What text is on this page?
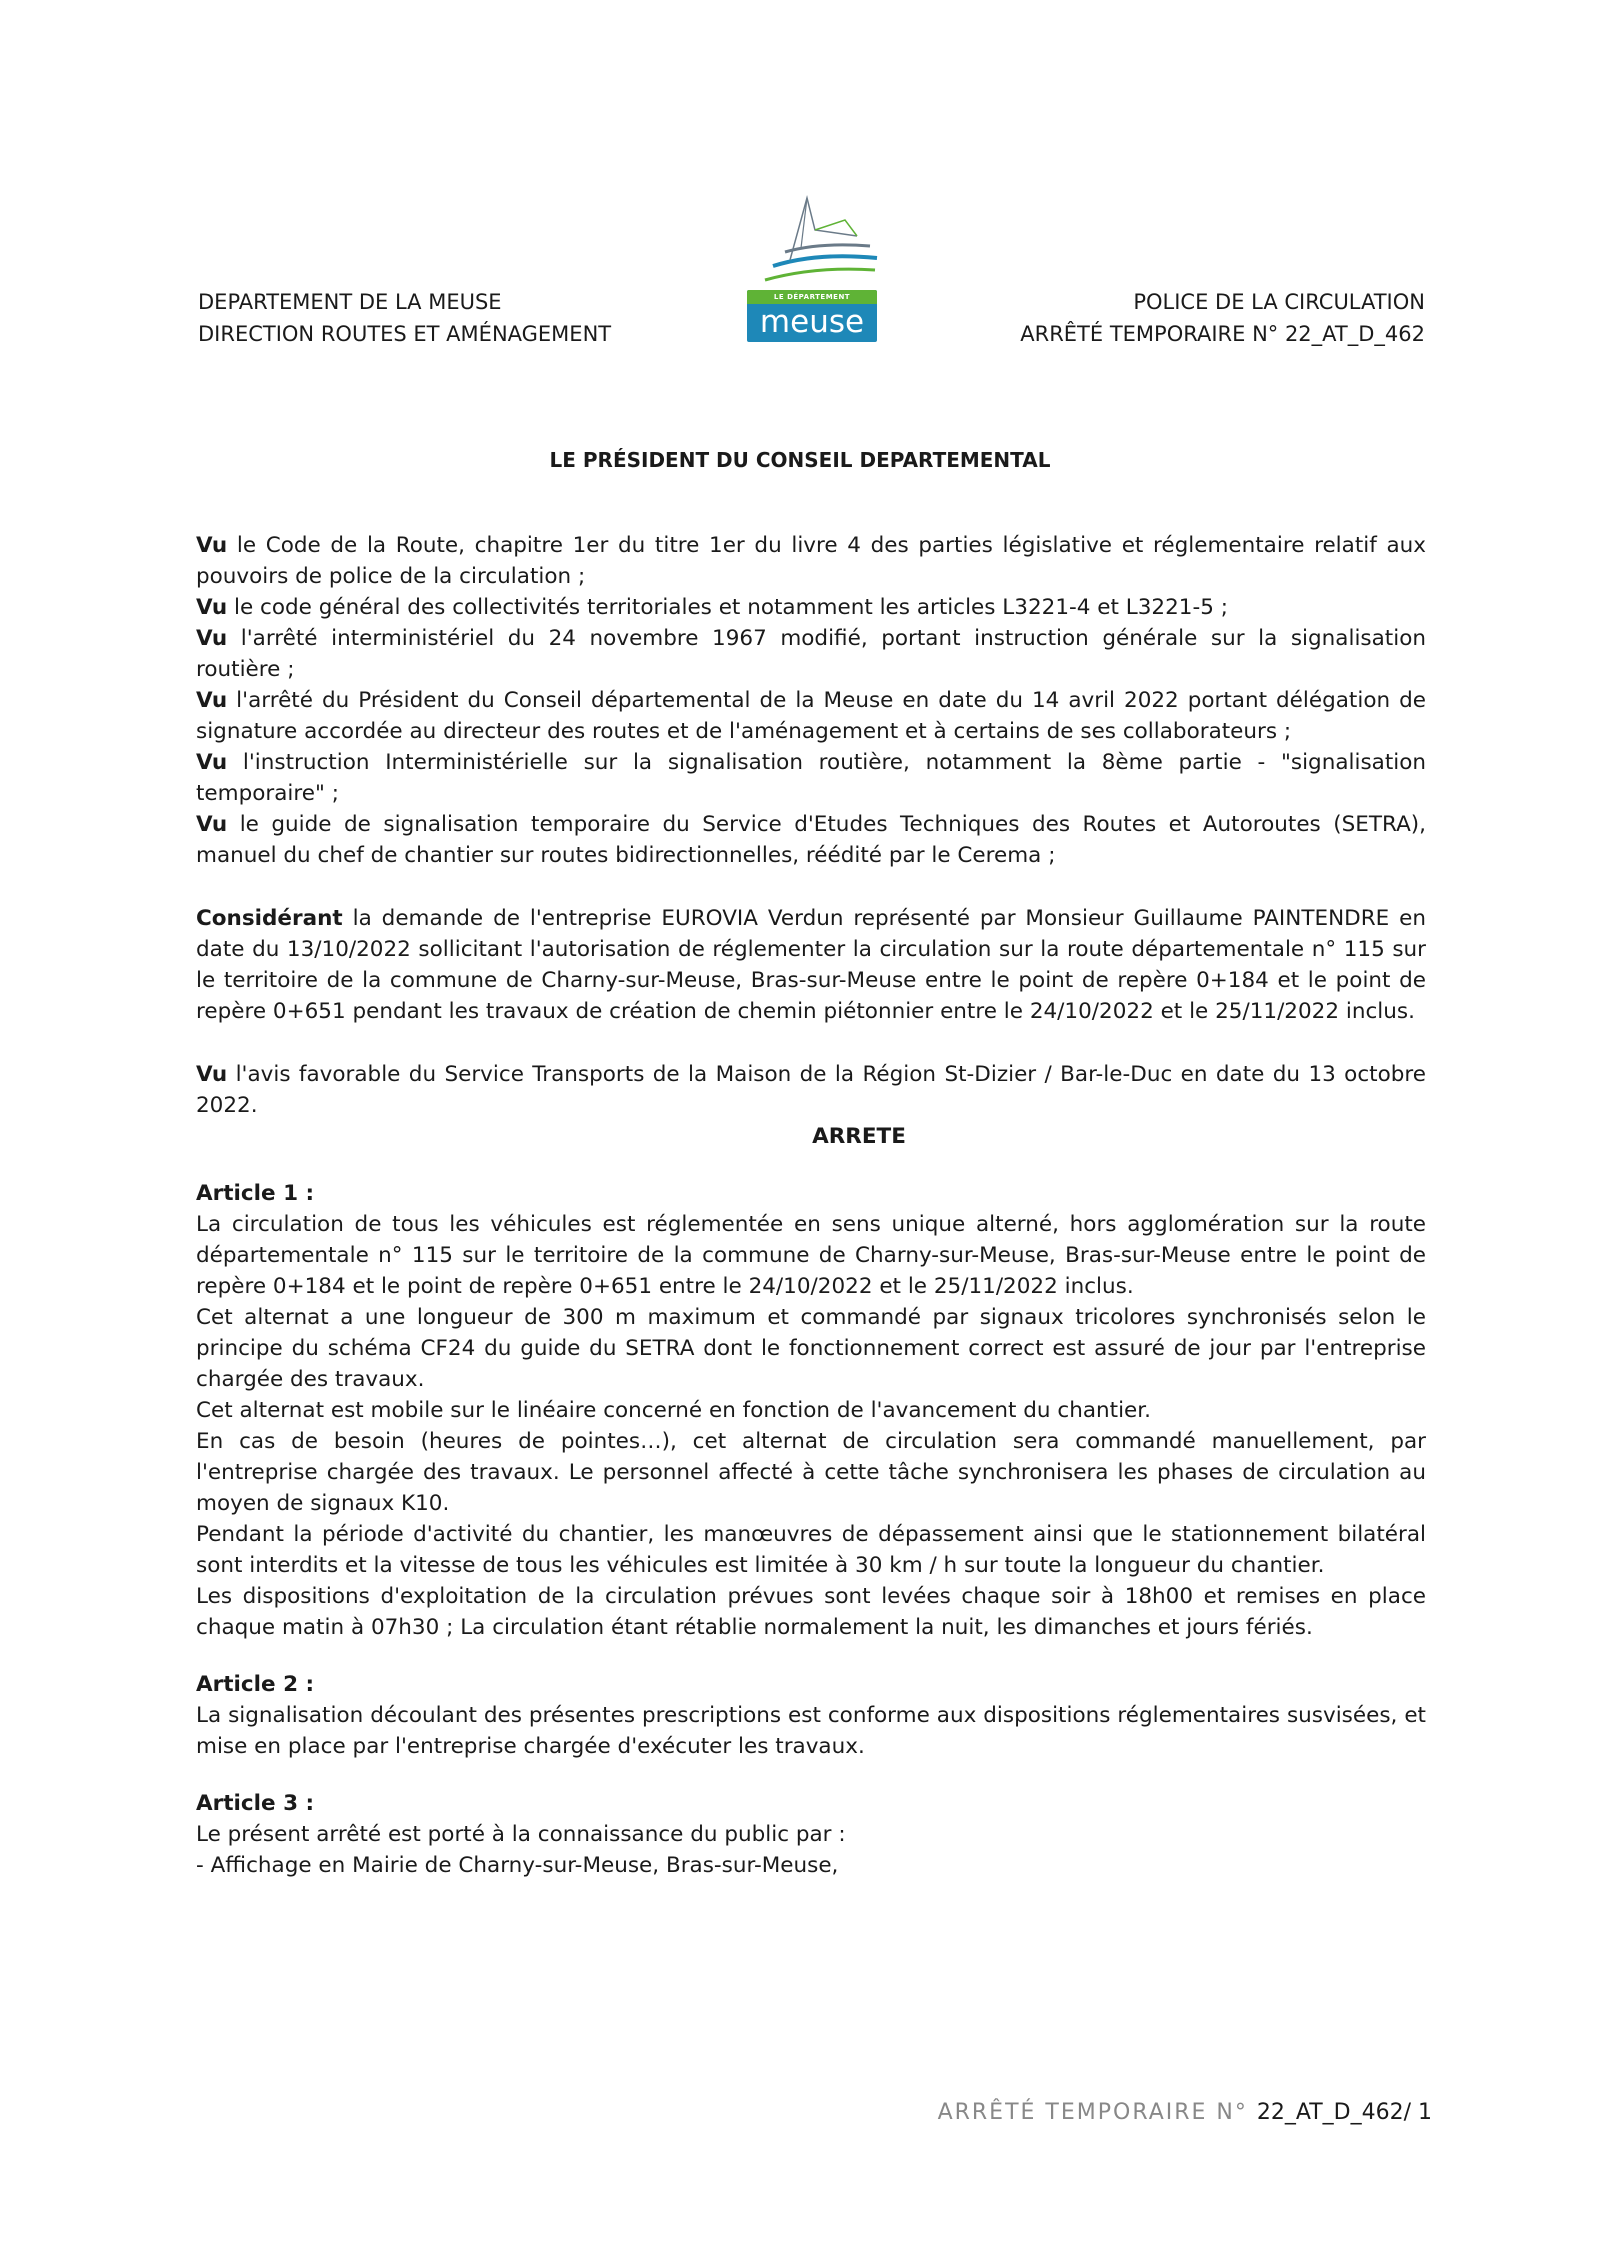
DEPARTEMENT DE LA MEUSE
DIRECTION ROUTES ET AMÉNAGEMENT
LE DÉPARTEMENT
meuse
POLICE DE LA CIRCULATION
ARRÊTÉ TEMPORAIRE N° 22_AT_D_462
LE PRÉSIDENT DU CONSEIL DEPARTEMENTAL

Vu le Code de la Route, chapitre 1er du titre 1er du livre 4 des parties législative et réglementaire relatif aux pouvoirs de police de la circulation ;

Vu le code général des collectivités territoriales et notamment les articles L3221-4 et L3221-5 ;

Vu l'arrêté interministériel du 24 novembre 1967 modifié, portant instruction générale sur la signalisation routière ;

Vu l'arrêté du Président du Conseil départemental de la Meuse en date du 14 avril 2022 portant délégation de signature accordée au directeur des routes et de l'aménagement et à certains de ses collaborateurs ;

Vu l'instruction Interministérielle sur la signalisation routière, notamment la 8ème partie - "signalisation temporaire" ;

Vu le guide de signalisation temporaire du Service d'Etudes Techniques des Routes et Autoroutes (SETRA), manuel du chef de chantier sur routes bidirectionnelles, réédité par le Cerema ;

Considérant la demande de l'entreprise EUROVIA Verdun représenté par Monsieur Guillaume PAINTENDRE en date du 13/10/2022 sollicitant l'autorisation de réglementer la circulation sur la route départementale n° 115 sur le territoire de la commune de Charny-sur-Meuse, Bras-sur-Meuse entre le point de repère 0+184 et le point de repère 0+651 pendant les travaux de création de chemin piétonnier entre le 24/10/2022 et le 25/11/2022 inclus.

Vu l'avis favorable du Service Transports de la Maison de la Région St-Dizier / Bar-le-Duc en date du 13 octobre 2022.

ARRETE

Article 1 :

La circulation de tous les véhicules est réglementée en sens unique alterné, hors agglomération sur la route départementale n° 115 sur le territoire de la commune de Charny-sur-Meuse, Bras-sur-Meuse entre le point de repère 0+184 et le point de repère 0+651 entre le 24/10/2022 et le 25/11/2022 inclus.

Cet alternat a une longueur de 300 m maximum et commandé par signaux tricolores synchronisés selon le principe du schéma CF24 du guide du SETRA dont le fonctionnement correct est assuré de jour par l'entreprise chargée des travaux.

Cet alternat est mobile sur le linéaire concerné en fonction de l'avancement du chantier.

En cas de besoin (heures de pointes…), cet alternat de circulation sera commandé manuellement, par l'entreprise chargée des travaux. Le personnel affecté à cette tâche synchronisera les phases de circulation au moyen de signaux K10.

Pendant la période d'activité du chantier, les manœuvres de dépassement ainsi que le stationnement bilatéral sont interdits et la vitesse de tous les véhicules est limitée à 30 km / h sur toute la longueur du chantier.

Les dispositions d'exploitation de la circulation prévues sont levées chaque soir à 18h00 et remises en place chaque matin à 07h30 ; La circulation étant rétablie normalement la nuit, les dimanches et jours fériés.

Article 2 :

La signalisation découlant des présentes prescriptions est conforme aux dispositions réglementaires susvisées, et mise en place par l'entreprise chargée d'exécuter les travaux.

Article 3 :

Le présent arrêté est porté à la connaissance du public par :

- Affichage en Mairie de Charny-sur-Meuse, Bras-sur-Meuse,

ARRÊTÉ TEMPORAIRE N° 22_AT_D_462/ 1
